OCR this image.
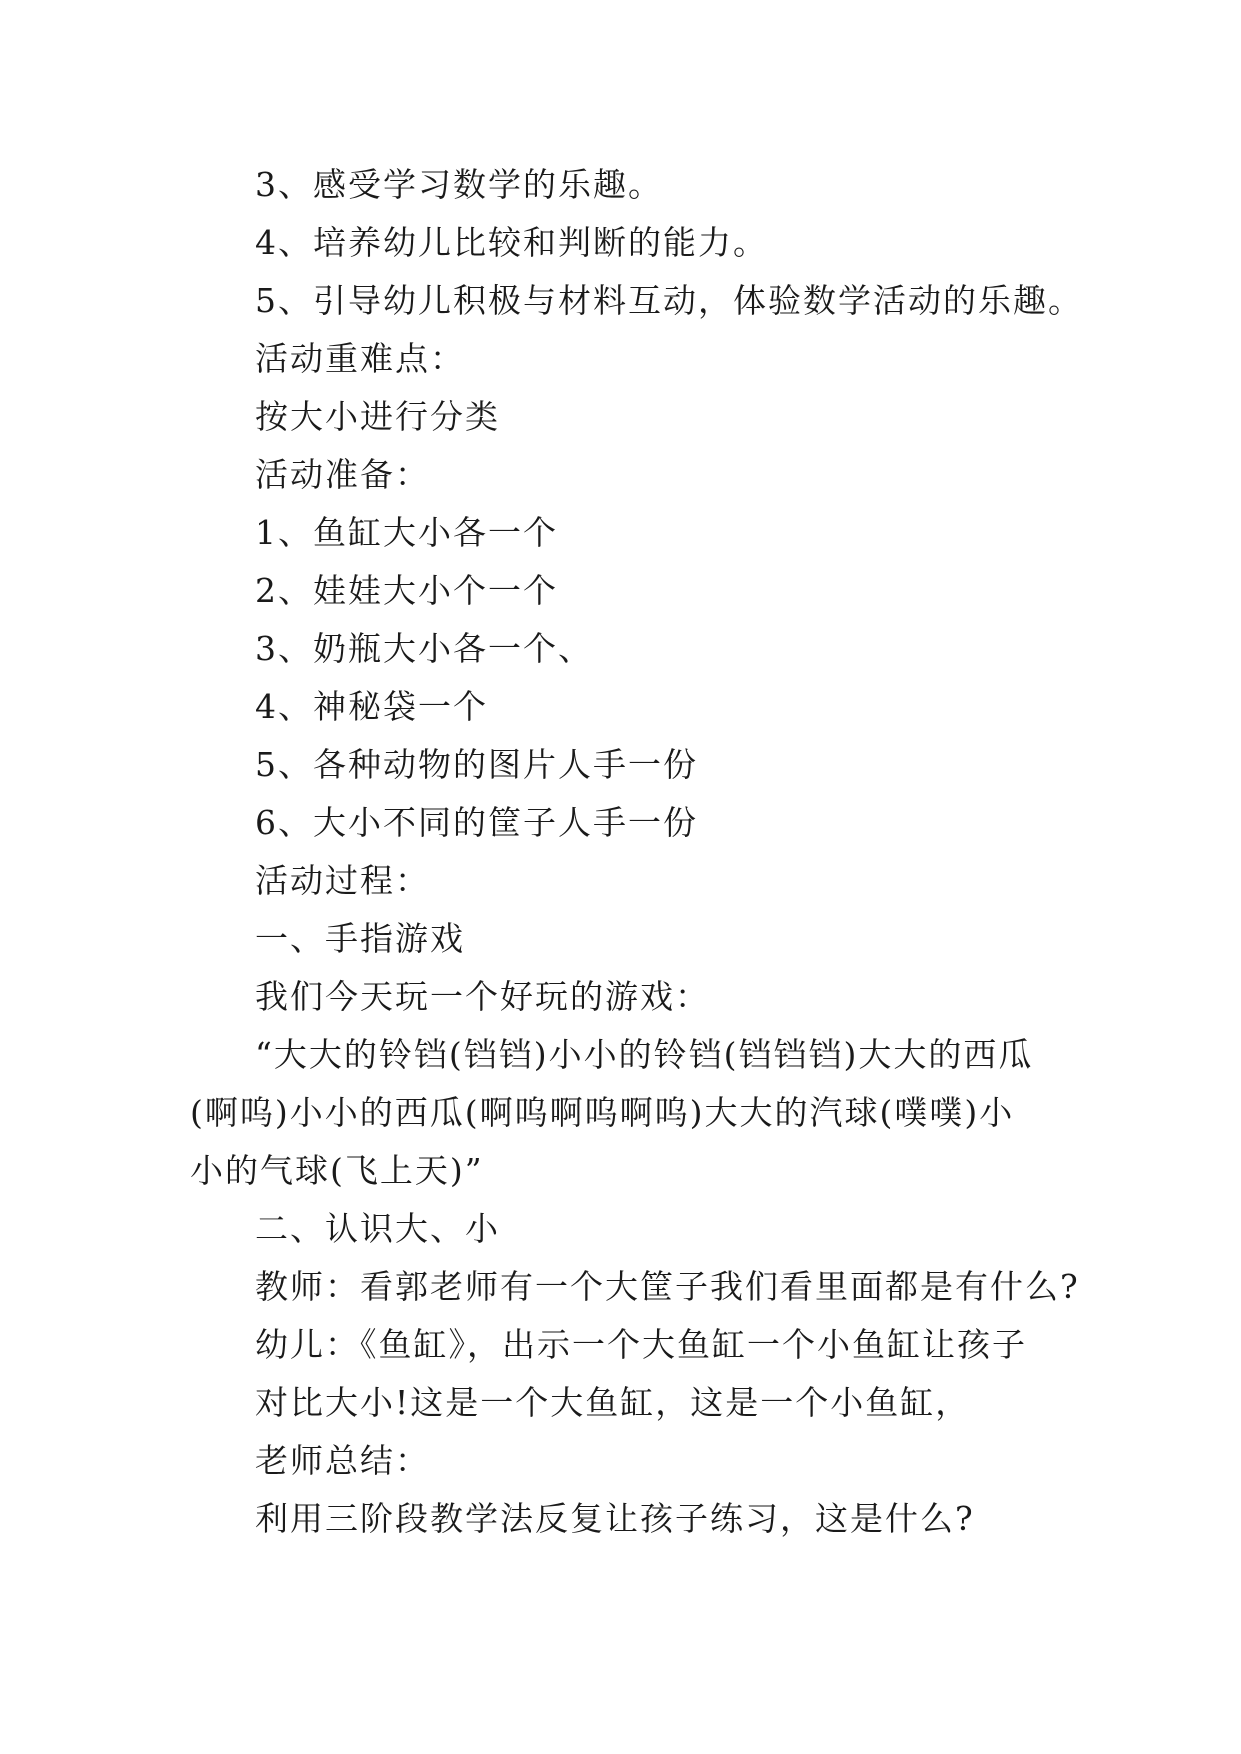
3、感受学习数学的乐趣。
4、培养幼儿比较和判断的能力。
5、引导幼儿积极与材料互动，体验数学活动的乐趣。
活动重难点：
按大小进行分类
活动准备：
1、鱼缸大小各一个
2、娃娃大小个一个
3、奶瓶大小各一个、
4、神秘袋一个
5、各种动物的图片人手一份
6、大小不同的筐子人手一份
活动过程：
一、手指游戏
我们今天玩一个好玩的游戏：

“大大的铃铛(铛铛)小小的铃铛(铛铛铛)大大的西瓜(啊呜)小小的西瓜(啊呜啊呜啊呜)大大的汽球(噗噗)小小的气球(飞上天)”

二、认识大、小
教师：看郭老师有一个大筐子我们看里面都是有什么?

幼儿：《鱼缸》，出示一个大鱼缸一个小鱼缸让孩子对比大小!这是一个大鱼缸，这是一个小鱼缸，

老师总结：
利用三阶段教学法反复让孩子练习，这是什么?
